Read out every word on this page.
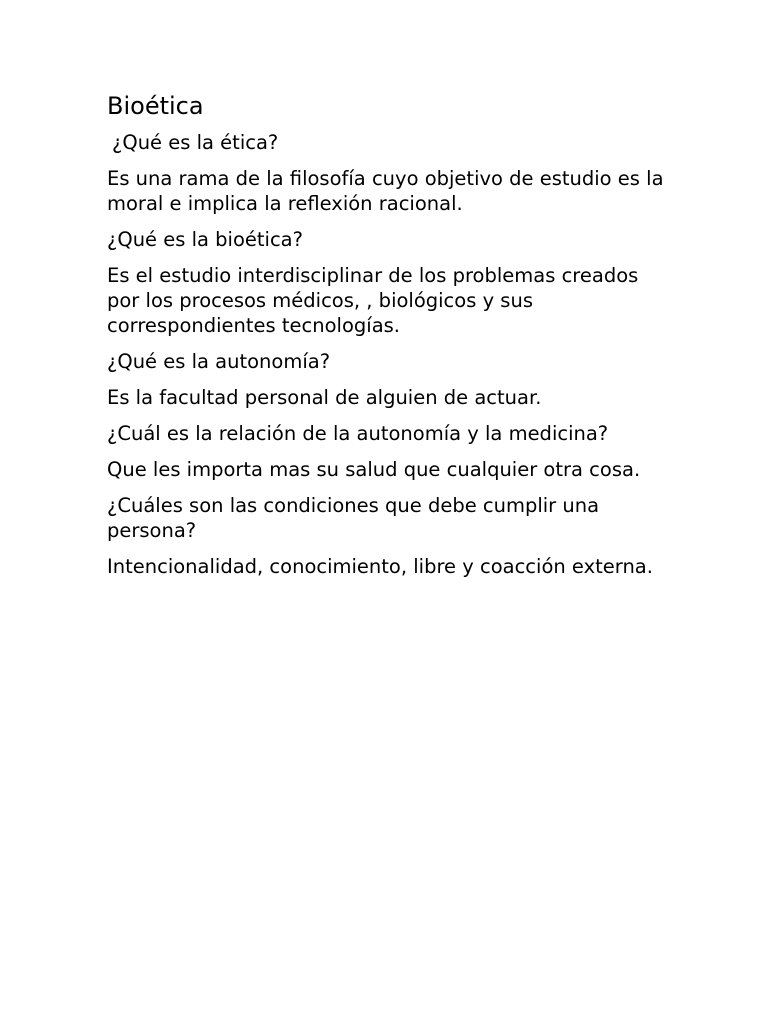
Bioética

¿Qué es la ética?

Es una rama de la filosofía cuyo objetivo de estudio es la moral e implica la reflexión racional.

¿Qué es la bioética?

Es el estudio interdisciplinar de los problemas creados por los procesos médicos, , biológicos y sus correspondientes tecnologías.

¿Qué es la autonomía?

Es la facultad personal de alguien de actuar.

¿Cuál es la relación de la autonomía y la medicina?

Que les importa mas su salud que cualquier otra cosa.

¿Cuáles son las condiciones que debe cumplir una persona?

Intencionalidad, conocimiento, libre y coacción externa.
